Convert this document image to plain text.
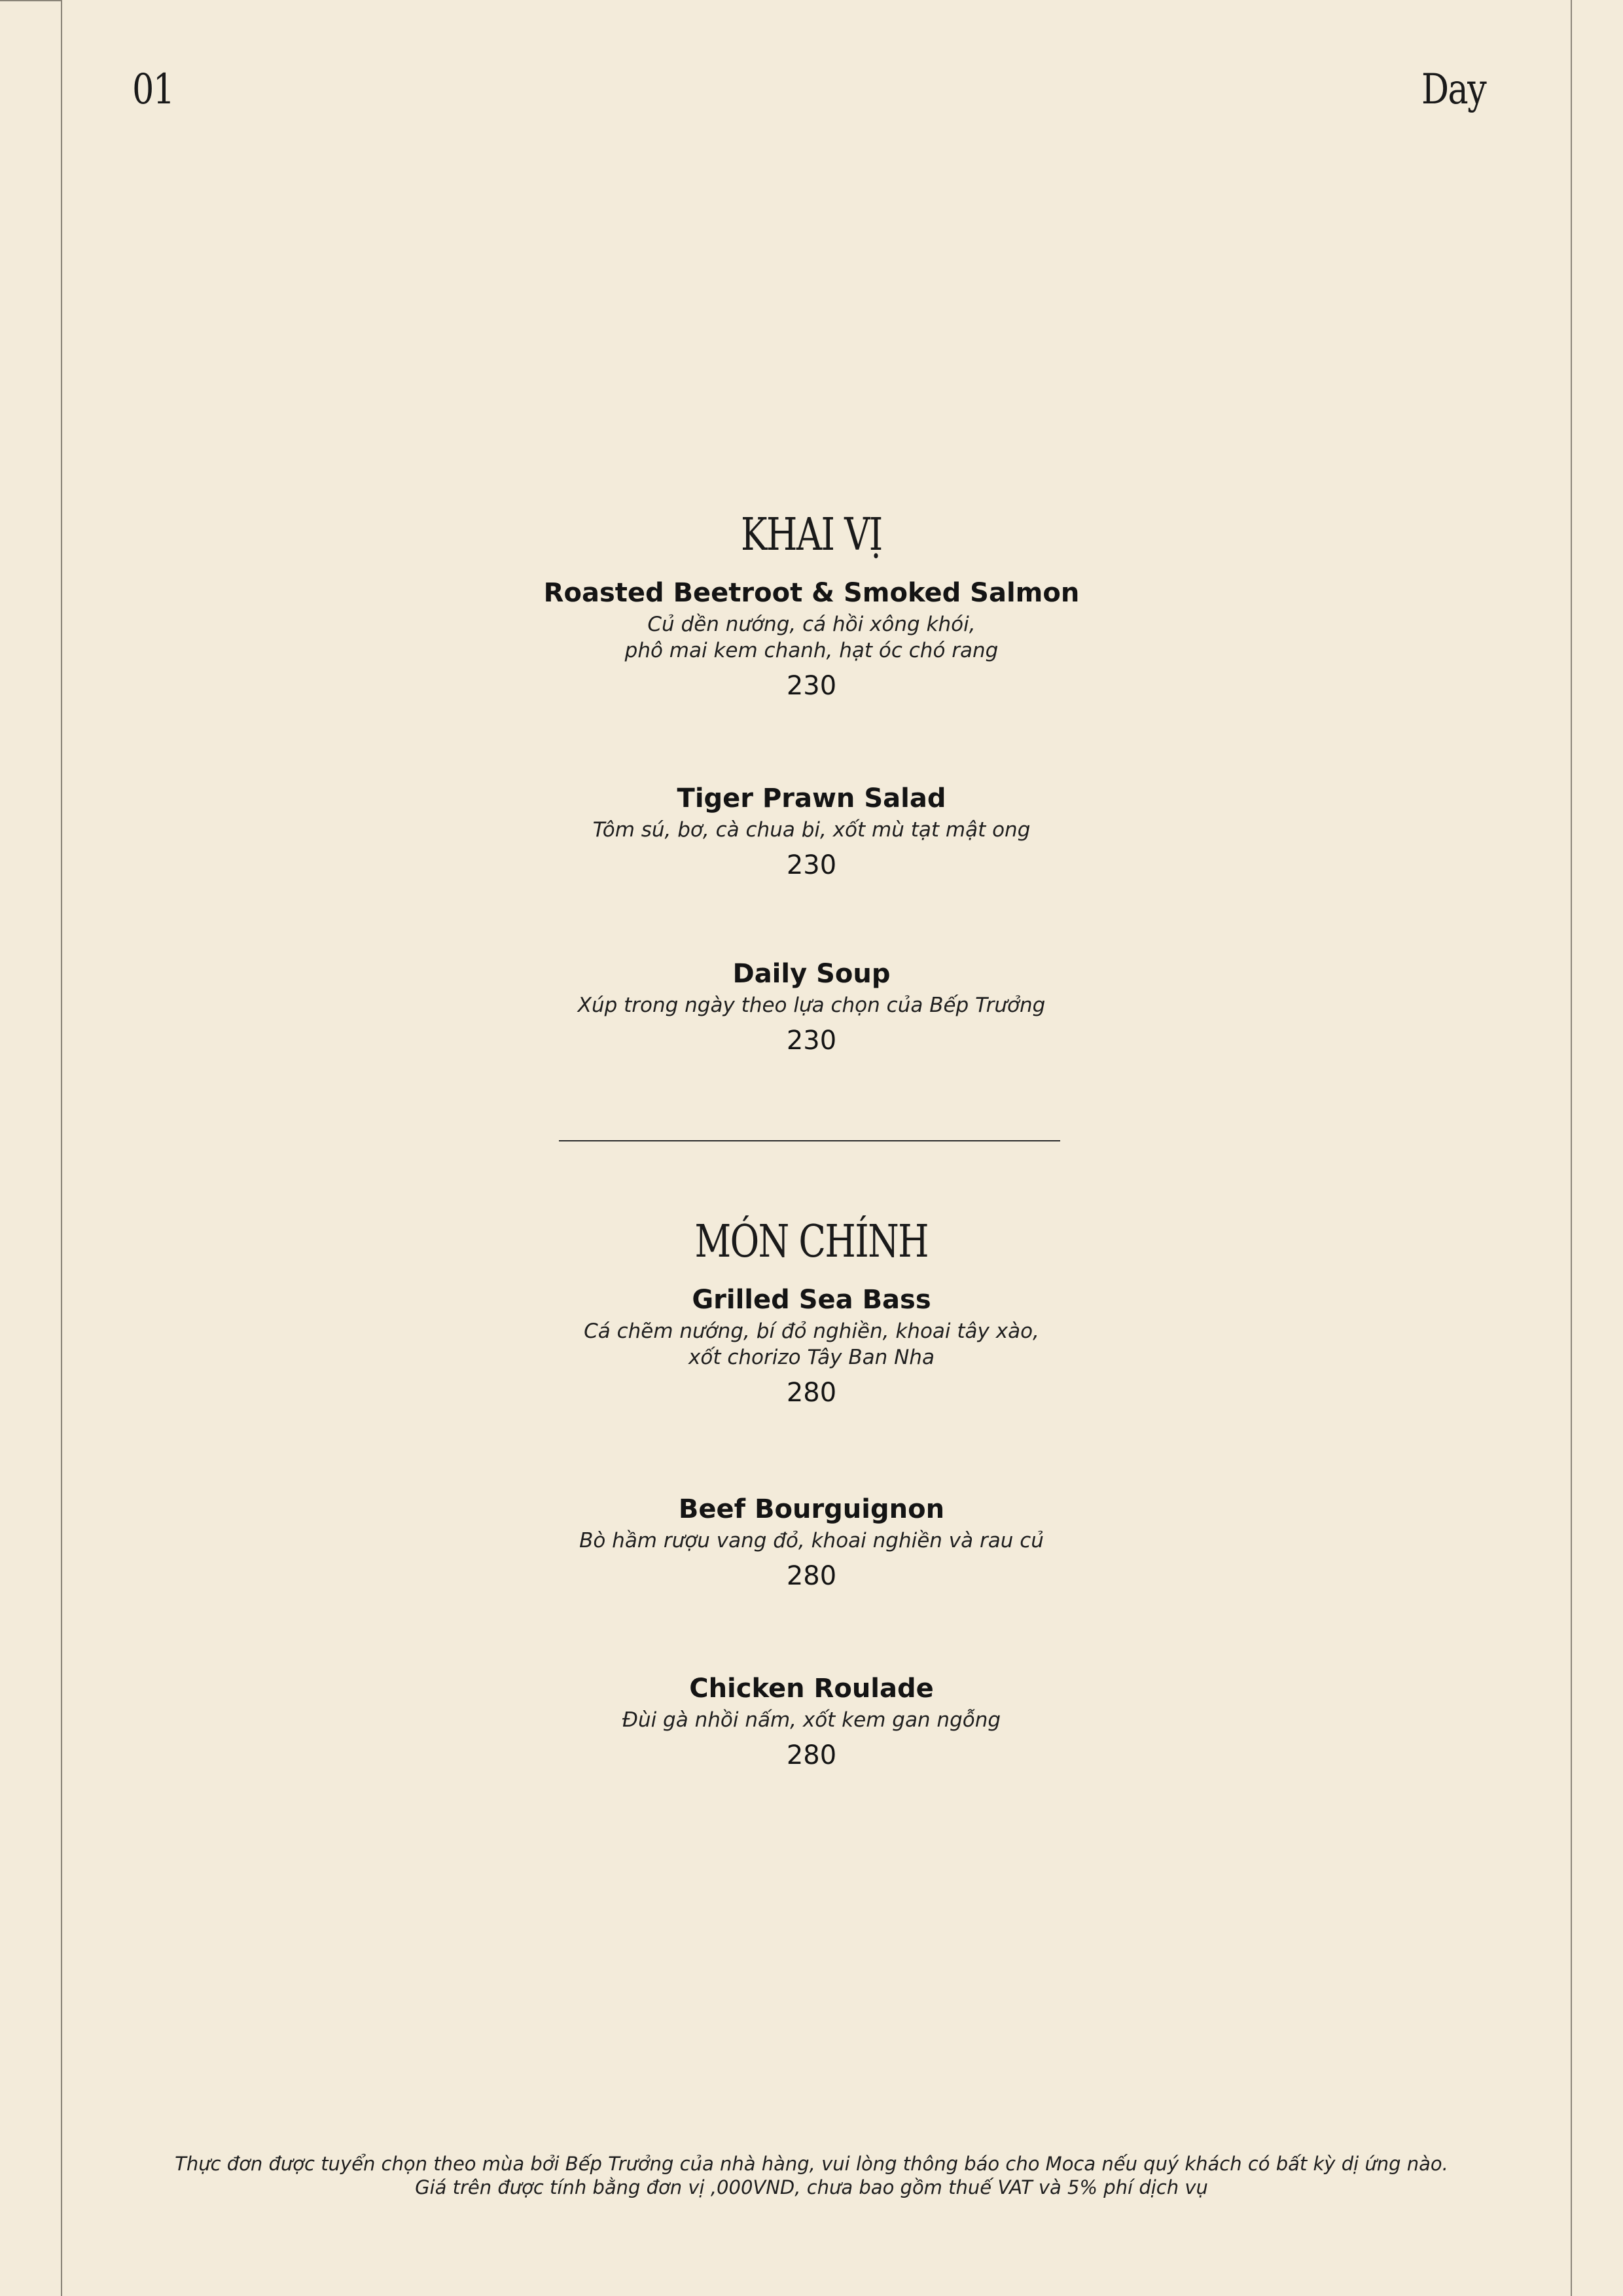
01	Day
KHAI VỊ
Roasted Beetroot & Smoked Salmon
Củ dền nướng, cá hồi xông khói,
phô mai kem chanh, hạt óc chó rang
230
Tiger Prawn Salad
Tôm sú, bơ, cà chua bi, xốt mù tạt mật ong
230
Daily Soup
Xúp trong ngày theo lựa chọn của Bếp Trưởng
230
MÓN CHÍNH
Grilled Sea Bass
Cá chẽm nướng, bí đỏ nghiền, khoai tây xào,
xốt chorizo Tây Ban Nha
280
Beef Bourguignon
Bò hầm rượu vang đỏ, khoai nghiền và rau củ
280
Chicken Roulade
Đùi gà nhồi nấm, xốt kem gan ngỗng
280
Thực đơn được tuyển chọn theo mùa bởi Bếp Trưởng của nhà hàng, vui lòng thông báo cho Moca nếu quý khách có bất kỳ dị ứng nào.
Giá trên được tính bằng đơn vị ,000VND, chưa bao gồm thuế VAT và 5% phí dịch vụ
